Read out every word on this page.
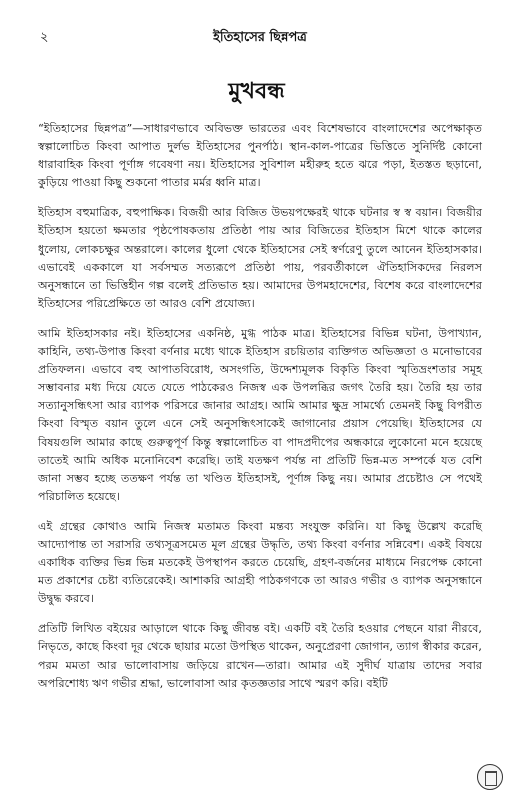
২	ইতিহাসের ছিন্নপত্র
মুখবন্ধ

“ইতিহাসের ছিন্নপত্র”—সাধারণভাবে অবিভক্ত ভারতের এবং বিশেষভাবে বাংলাদেশের অপেক্ষাকৃত স্বল্পালোচিত কিংবা আপাত দুর্লভ ইতিহাসের পুনর্পাঠ। স্থান-কাল-পাত্রের ভিত্তিতে সুনির্দিষ্ট কোনো ধারাবাহিক কিংবা পূর্ণাঙ্গ গবেষণা নয়। ইতিহাসের সুবিশাল মহীরুহ হতে ঝরে পড়া, ইতস্তত ছড়ানো, কুড়িয়ে পাওয়া কিছু শুকনো পাতার মর্মর ধ্বনি মাত্র।

ইতিহাস বহুমাত্রিক, বহুপাক্ষিক। বিজয়ী আর বিজিত উভয়পক্ষেরই থাকে ঘটনার স্ব স্ব বয়ান। বিজয়ীর ইতিহাস হয়তো ক্ষমতার পৃষ্ঠপোষকতায় প্রতিষ্ঠা পায় আর বিজিতের ইতিহাস মিশে থাকে কালের ধুলোয়, লোকচক্ষুর অন্তরালে। কালের ধুলো থেকে ইতিহাসের সেই স্বর্ণরেণু তুলে আনেন ইতিহাসকার। এভাবেই এককালে যা সর্বসম্মত সত্যরূপে প্রতিষ্ঠা পায়, পরবর্তীকালে ঐতিহাসিকদের নিরলস অনুসন্ধানে তা ভিত্তিহীন গল্প বলেই প্রতিভাত হয়। আমাদের উপমহাদেশের, বিশেষ করে বাংলাদেশের ইতিহাসের পরিপ্রেক্ষিতে তা আরও বেশি প্রযোজ্য।

আমি ইতিহাসকার নই। ইতিহাসের একনিষ্ঠ, মুগ্ধ পাঠক মাত্র। ইতিহাসের বিভিন্ন ঘটনা, উপাখ্যান, কাহিনি, তথ্য-উপাত্ত কিংবা বর্ণনার মধ্যে থাকে ইতিহাস রচয়িতার ব্যক্তিগত অভিজ্ঞতা ও মনোভাবের প্রতিফলন। এভাবে বহু আপাতবিরোধ, অসংগতি, উদ্দেশ্যমূলক বিকৃতি কিংবা স্মৃতিভ্রংশতার সমূহ সম্ভাবনার মধ্য দিয়ে যেতে যেতে পাঠকেরও নিজস্ব এক উপলব্ধির জগৎ তৈরি হয়। তৈরি হয় তার সত্যানুসন্ধিৎসা আর ব্যাপক পরিসরে জানার আগ্রহ। আমি আমার ক্ষুদ্র সামর্থ্যে তেমনই কিছু বিপরীত কিংবা বিস্মৃত বয়ান তুলে এনে সেই অনুসন্ধিৎসাকেই জাগানোর প্রয়াস পেয়েছি। ইতিহাসের যে বিষয়গুলি আমার কাছে গুরুত্বপূর্ণ কিন্তু স্বল্পালোচিত বা পাদপ্রদীপের অন্ধকারে লুকোনো মনে হয়েছে তাতেই আমি অধিক মনোনিবেশ করেছি। তাই যতক্ষণ পর্যন্ত না প্রতিটি ভিন্ন-মত সম্পর্কে যত বেশি জানা সম্ভব হচ্ছে ততক্ষণ পর্যন্ত তা খণ্ডিত ইতিহাসই, পূর্ণাঙ্গ কিছু নয়। আমার প্রচেষ্টাও সে পথেই পরিচালিত হয়েছে।

এই গ্রন্থের কোথাও আমি নিজস্ব মতামত কিংবা মন্তব্য সংযুক্ত করিনি। যা কিছু উল্লেখ করেছি আদ্যোপান্ত তা সরাসরি তথ্যসূত্রসমেত মূল গ্রন্থের উদ্ধৃতি, তথ্য কিংবা বর্ণনার সন্নিবেশ। একই বিষয়ে একাধিক ব্যক্তির ভিন্ন ভিন্ন মতকেই উপস্থাপন করতে চেয়েছি, গ্রহণ-বর্জনের মাধ্যমে নিরপেক্ষ কোনো মত প্রকাশের চেষ্টা ব্যতিরেকেই। আশাকরি আগ্রহী পাঠকগণকে তা আরও গভীর ও ব্যাপক অনুসন্ধানে উদ্বুদ্ধ করবে।

প্রতিটি লিখিত বইয়ের আড়ালে থাকে কিছু জীবন্ত বই। একটি বই তৈরি হওয়ার পেছনে যারা নীরবে, নিভৃতে, কাছে কিংবা দূর থেকে ছায়ার মতো উপস্থিত থাকেন, অনুপ্রেরণা জোগান, ত্যাগ স্বীকার করেন, পরম মমতা আর ভালোবাসায় জড়িয়ে রাখেন—তারা। আমার এই সুদীর্ঘ যাত্রায় তাদের সবার অপরিশোধ্য ঋণ গভীর শ্রদ্ধা, ভালোবাসা আর কৃতজ্ঞতার সাথে স্মরণ করি। বইটি
